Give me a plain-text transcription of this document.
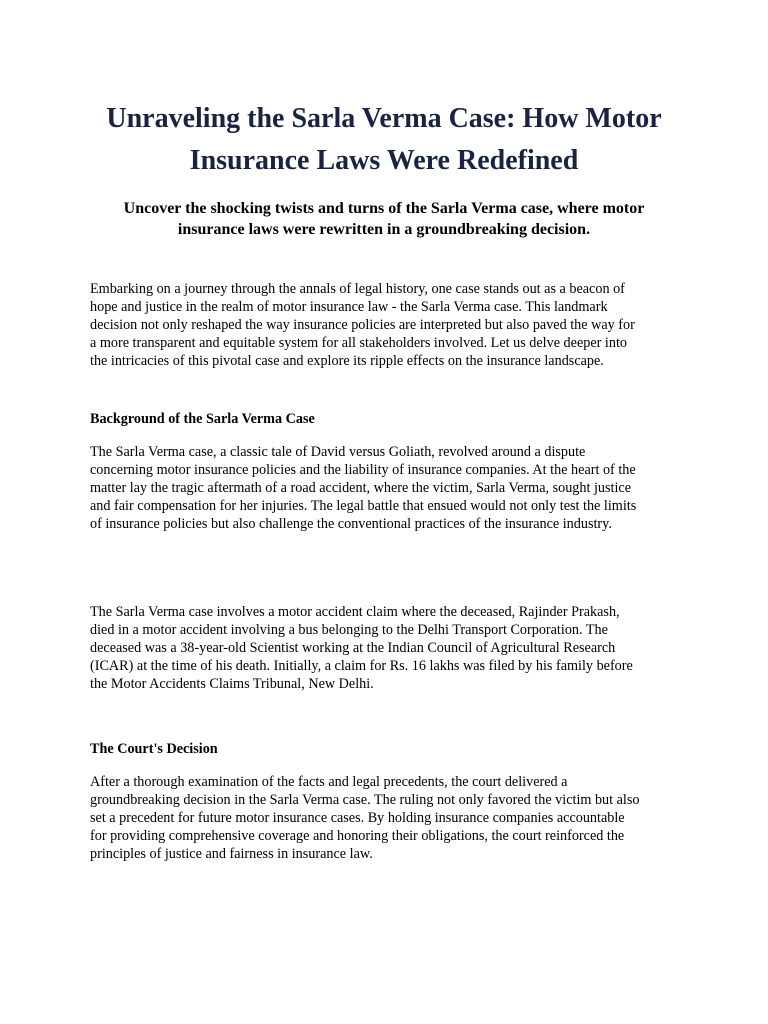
Unraveling the Sarla Verma Case: How Motor
Insurance Laws Were Redefined
Uncover the shocking twists and turns of the Sarla Verma case, where motor
insurance laws were rewritten in a groundbreaking decision.
Embarking on a journey through the annals of legal history, one case stands out as a beacon of
hope and justice in the realm of motor insurance law - the Sarla Verma case. This landmark
decision not only reshaped the way insurance policies are interpreted but also paved the way for
a more transparent and equitable system for all stakeholders involved. Let us delve deeper into
the intricacies of this pivotal case and explore its ripple effects on the insurance landscape.
Background of the Sarla Verma Case
The Sarla Verma case, a classic tale of David versus Goliath, revolved around a dispute
concerning motor insurance policies and the liability of insurance companies. At the heart of the
matter lay the tragic aftermath of a road accident, where the victim, Sarla Verma, sought justice
and fair compensation for her injuries. The legal battle that ensued would not only test the limits
of insurance policies but also challenge the conventional practices of the insurance industry.
The Sarla Verma case involves a motor accident claim where the deceased, Rajinder Prakash,
died in a motor accident involving a bus belonging to the Delhi Transport Corporation. The
deceased was a 38-year-old Scientist working at the Indian Council of Agricultural Research
(ICAR) at the time of his death. Initially, a claim for Rs. 16 lakhs was filed by his family before
the Motor Accidents Claims Tribunal, New Delhi.
The Court's Decision
After a thorough examination of the facts and legal precedents, the court delivered a
groundbreaking decision in the Sarla Verma case. The ruling not only favored the victim but also
set a precedent for future motor insurance cases. By holding insurance companies accountable
for providing comprehensive coverage and honoring their obligations, the court reinforced the
principles of justice and fairness in insurance law.
